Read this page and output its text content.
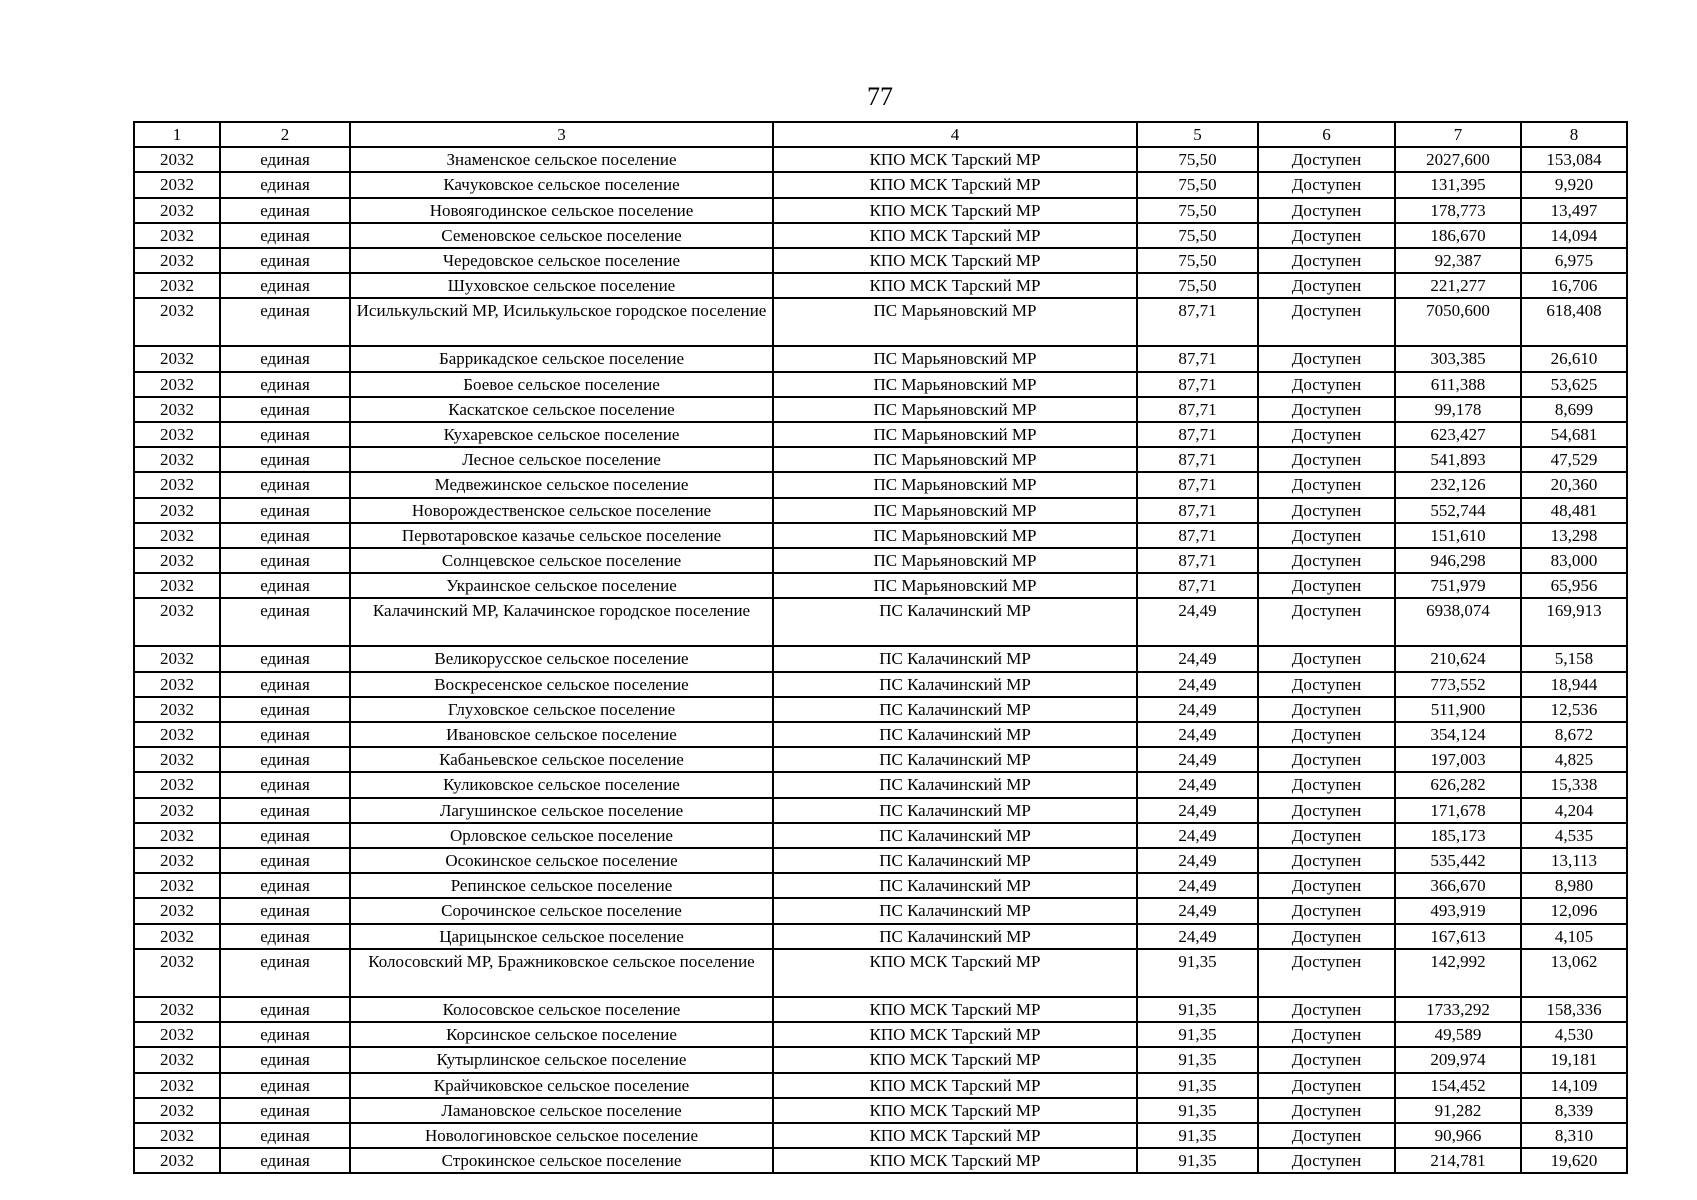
77
1	2	3	4	5	6	7	8
2032	единая	Знаменское сельское поселение	КПО МСК Тарский МР	75,50	Доступен	2027,600	153,084
2032	единая	Качуковское сельское поселение	КПО МСК Тарский МР	75,50	Доступен	131,395	9,920
2032	единая	Новоягодинское сельское поселение	КПО МСК Тарский МР	75,50	Доступен	178,773	13,497
2032	единая	Семеновское сельское поселение	КПО МСК Тарский МР	75,50	Доступен	186,670	14,094
2032	единая	Чередовское сельское поселение	КПО МСК Тарский МР	75,50	Доступен	92,387	6,975
2032	единая	Шуховское сельское поселение	КПО МСК Тарский МР	75,50	Доступен	221,277	16,706
2032	единая	Исилькульский МР, Исилькульское городское поселение	ПС Марьяновский МР	87,71	Доступен	7050,600	618,408
2032	единая	Баррикадское сельское поселение	ПС Марьяновский МР	87,71	Доступен	303,385	26,610
2032	единая	Боевое сельское поселение	ПС Марьяновский МР	87,71	Доступен	611,388	53,625
2032	единая	Каскатское сельское поселение	ПС Марьяновский МР	87,71	Доступен	99,178	8,699
2032	единая	Кухаревское сельское поселение	ПС Марьяновский МР	87,71	Доступен	623,427	54,681
2032	единая	Лесное сельское поселение	ПС Марьяновский МР	87,71	Доступен	541,893	47,529
2032	единая	Медвежинское сельское поселение	ПС Марьяновский МР	87,71	Доступен	232,126	20,360
2032	единая	Новорождественское сельское поселение	ПС Марьяновский МР	87,71	Доступен	552,744	48,481
2032	единая	Первотаровское казачье сельское поселение	ПС Марьяновский МР	87,71	Доступен	151,610	13,298
2032	единая	Солнцевское сельское поселение	ПС Марьяновский МР	87,71	Доступен	946,298	83,000
2032	единая	Украинское сельское поселение	ПС Марьяновский МР	87,71	Доступен	751,979	65,956
2032	единая	Калачинский МР, Калачинское городское поселение	ПС Калачинский МР	24,49	Доступен	6938,074	169,913
2032	единая	Великорусское сельское поселение	ПС Калачинский МР	24,49	Доступен	210,624	5,158
2032	единая	Воскресенское сельское поселение	ПС Калачинский МР	24,49	Доступен	773,552	18,944
2032	единая	Глуховское сельское поселение	ПС Калачинский МР	24,49	Доступен	511,900	12,536
2032	единая	Ивановское сельское поселение	ПС Калачинский МР	24,49	Доступен	354,124	8,672
2032	единая	Кабаньевское сельское поселение	ПС Калачинский МР	24,49	Доступен	197,003	4,825
2032	единая	Куликовское сельское поселение	ПС Калачинский МР	24,49	Доступен	626,282	15,338
2032	единая	Лагушинское сельское поселение	ПС Калачинский МР	24,49	Доступен	171,678	4,204
2032	единая	Орловское сельское поселение	ПС Калачинский МР	24,49	Доступен	185,173	4,535
2032	единая	Осокинское сельское поселение	ПС Калачинский МР	24,49	Доступен	535,442	13,113
2032	единая	Репинское сельское поселение	ПС Калачинский МР	24,49	Доступен	366,670	8,980
2032	единая	Сорочинское сельское поселение	ПС Калачинский МР	24,49	Доступен	493,919	12,096
2032	единая	Царицынское сельское поселение	ПС Калачинский МР	24,49	Доступен	167,613	4,105
2032	единая	Колосовский МР, Бражниковское сельское поселение	КПО МСК Тарский МР	91,35	Доступен	142,992	13,062
2032	единая	Колосовское сельское поселение	КПО МСК Тарский МР	91,35	Доступен	1733,292	158,336
2032	единая	Корсинское сельское поселение	КПО МСК Тарский МР	91,35	Доступен	49,589	4,530
2032	единая	Кутырлинское сельское поселение	КПО МСК Тарский МР	91,35	Доступен	209,974	19,181
2032	единая	Крайчиковское сельское поселение	КПО МСК Тарский МР	91,35	Доступен	154,452	14,109
2032	единая	Ламановское сельское поселение	КПО МСК Тарский МР	91,35	Доступен	91,282	8,339
2032	единая	Новологиновское сельское поселение	КПО МСК Тарский МР	91,35	Доступен	90,966	8,310
2032	единая	Строкинское сельское поселение	КПО МСК Тарский МР	91,35	Доступен	214,781	19,620
